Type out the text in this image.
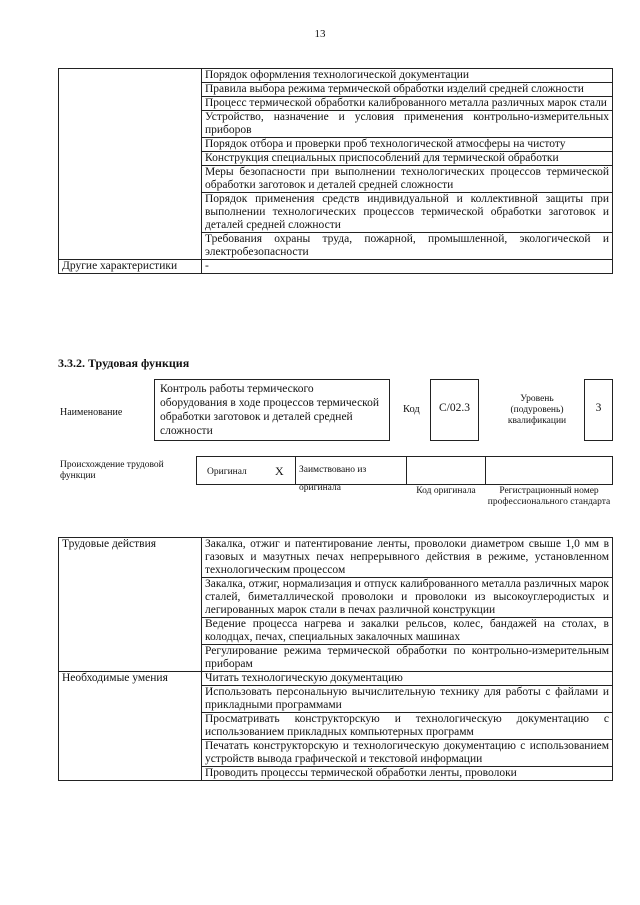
13
	Порядок оформления технологической документации
	Правила выбора режима термической обработки изделий средней сложности
	Процесс термической обработки калиброванного металла различных марок стали
	Устройство, назначение и условия применения контрольно-измерительных приборов
	Порядок отбора и проверки проб технологической атмосферы на чистоту
	Конструкция специальных приспособлений для термической обработки
	Меры безопасности при выполнении технологических процессов термической обработки заготовок и деталей средней сложности
	Порядок применения средств индивидуальной и коллективной защиты при выполнении технологических процессов термической обработки заготовок и деталей средней сложности
	Требования охраны труда, пожарной, промышленной, экологической и электробезопасности
Другие характеристики	-
3.3.2. Трудовая функция
Наименование
Контроль работы термического оборудования в ходе процессов термической обработки заготовок и деталей средней сложности
Код	С/02.3
Уровень (подуровень) квалификации
3
Происхождение трудовой функции	Оригинал X	Заимствовано из оригинала	Код оригинала	Регистрационный номер профессионального стандарта
Трудовые действия	Закалка, отжиг и патентирование ленты, проволоки диаметром свыше 1,0 мм в газовых и мазутных печах непрерывного действия в режиме, установленном технологическим процессом
	Закалка, отжиг, нормализация и отпуск калиброванного металла различных марок сталей, биметаллической проволоки и проволоки из высокоуглеродистых и легированных марок стали в печах различной конструкции
	Ведение процесса нагрева и закалки рельсов, колес, бандажей на столах, в колодцах, печах, специальных закалочных машинах
	Регулирование режима термической обработки по контрольно-измерительным приборам
Необходимые умения	Читать технологическую документацию
	Использовать персональную вычислительную технику для работы с файлами и прикладными программами
	Просматривать конструкторскую и технологическую документацию с использованием прикладных компьютерных программ
	Печатать конструкторскую и технологическую документацию с использованием устройств вывода графической и текстовой информации
	Проводить процессы термической обработки ленты, проволоки
